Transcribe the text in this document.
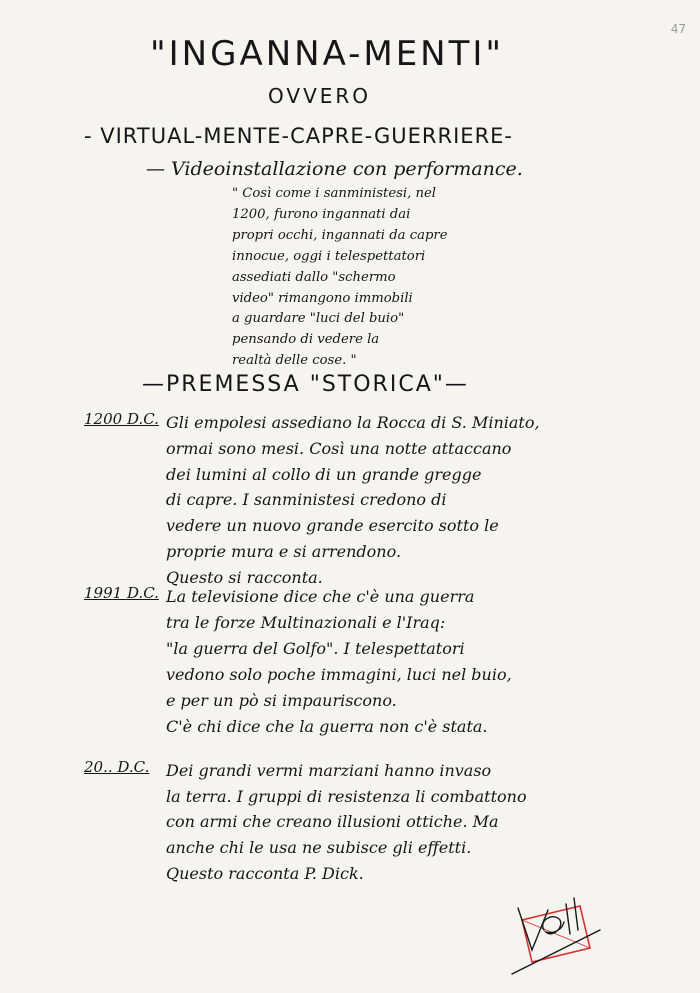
47
"INGANNA-MENTI"
OVVERO
- VIRTUAL-MENTE-CAPRE-GUERRIERE-
— Videoinstallazione con performance.
" Così come i sanministesi, nel
1200, furono ingannati dai
propri occhi, ingannati da capre
innocue, oggi i telespettatori
assediati dallo "schermo
video" rimangono immobili
a guardare "luci del buio"
pensando di vedere la
realtà delle cose. "
—PREMESSA "STORICA"—
1200 D.C. Gli empolesi assediano la Rocca di S. Miniato,
ormai sono mesi. Così una notte attaccano
dei lumini al collo di un grande gregge
di capre. I sanministesi credono di
vedere un nuovo grande esercito sotto le
proprie mura e si arrendono.
Questo si racconta.
1991 D.C. La televisione dice che c'è una guerra
tra le forze Multinazionali e l'Iraq:
"la guerra del Golfo". I telespettatori
vedono solo poche immagini, luci nel buio,
e per un pò si impauriscono.
C'è chi dice che la guerra non c'è stata.
20.. D.C. Dei grandi vermi marziani hanno invaso
la terra. I gruppi di resistenza li combattono
con armi che creano illusioni ottiche. Ma
anche chi le usa ne subisce gli effetti.
Questo racconta P. Dick.
